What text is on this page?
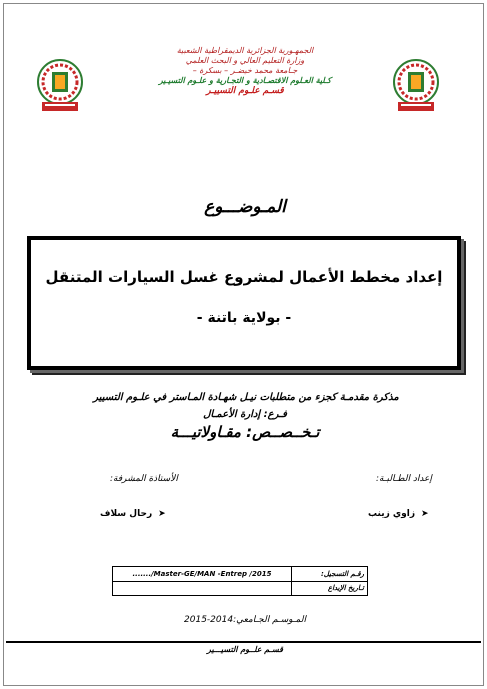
الجمهـورية الجزائرية الديمقراطية الشعبية
وزارة التعليم العالي و البحث العلمي
جـامعة محمد خيضـر – بسكرة –
كـلية العـلوم الاقتصـادية و التجـارية و علـوم التسيـير
قسـم علـوم التسييـر
المـوضـــوع
إعداد مخطط الأعمال لمشروع غسل السيارات المتنقل
- بولاية باتنة -
مذكرة مقدمـة كجزء من متطلبات نيـل شهـادة المـاستر في علـوم التسيير
فـرع: إدارة الأعمـال
تـخــصــص: مقـاولاتيـــة
إعداد الطـالبـة:
الأستاذة المشرفة:
➤
زاوي زينب
➤
رحال سلاف
رقـم التسجيل:	......./Master-GE/MAN -Entrep /2015
تـاريخ الإيداع	
المـوسـم الجـامعي:2014-2015
قسـم علــوم التسيـــير
